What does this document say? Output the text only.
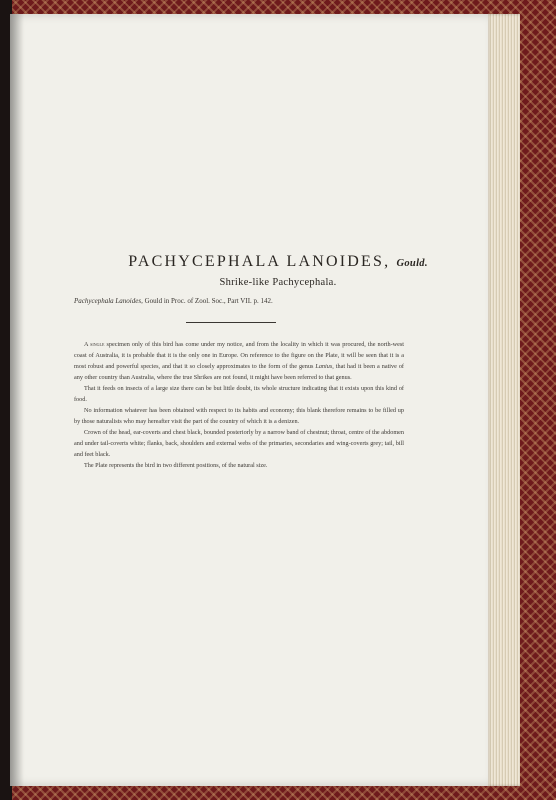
PACHYCEPHALA LANOIDES, Gould.
Shrike-like Pachycephala.
Pachycephala Lanoides, Gould in Proc. of Zool. Soc., Part VII. p. 142.

A single specimen only of this bird has come under my notice, and from the locality in which it was procured, the north-west coast of Australia, it is probable that it is the only one in Europe. On reference to the figure on the Plate, it will be seen that it is a most robust and powerful species, and that it so closely approximates to the form of the genus Lanius, that had it been a native of any other country than Australia, where the true Shrikes are not found, it might have been referred to that genus.

That it feeds on insects of a large size there can be but little doubt, its whole structure indicating that it exists upon this kind of food.

No information whatever has been obtained with respect to its habits and economy; this blank therefore remains to be filled up by those naturalists who may hereafter visit the part of the country of which it is a denizen.

Crown of the head, ear-coverts and chest black, bounded posteriorly by a narrow band of chestnut; throat, centre of the abdomen and under tail-coverts white; flanks, back, shoulders and external webs of the primaries, secondaries and wing-coverts grey; tail, bill and feet black.

The Plate represents the bird in two different positions, of the natural size.
